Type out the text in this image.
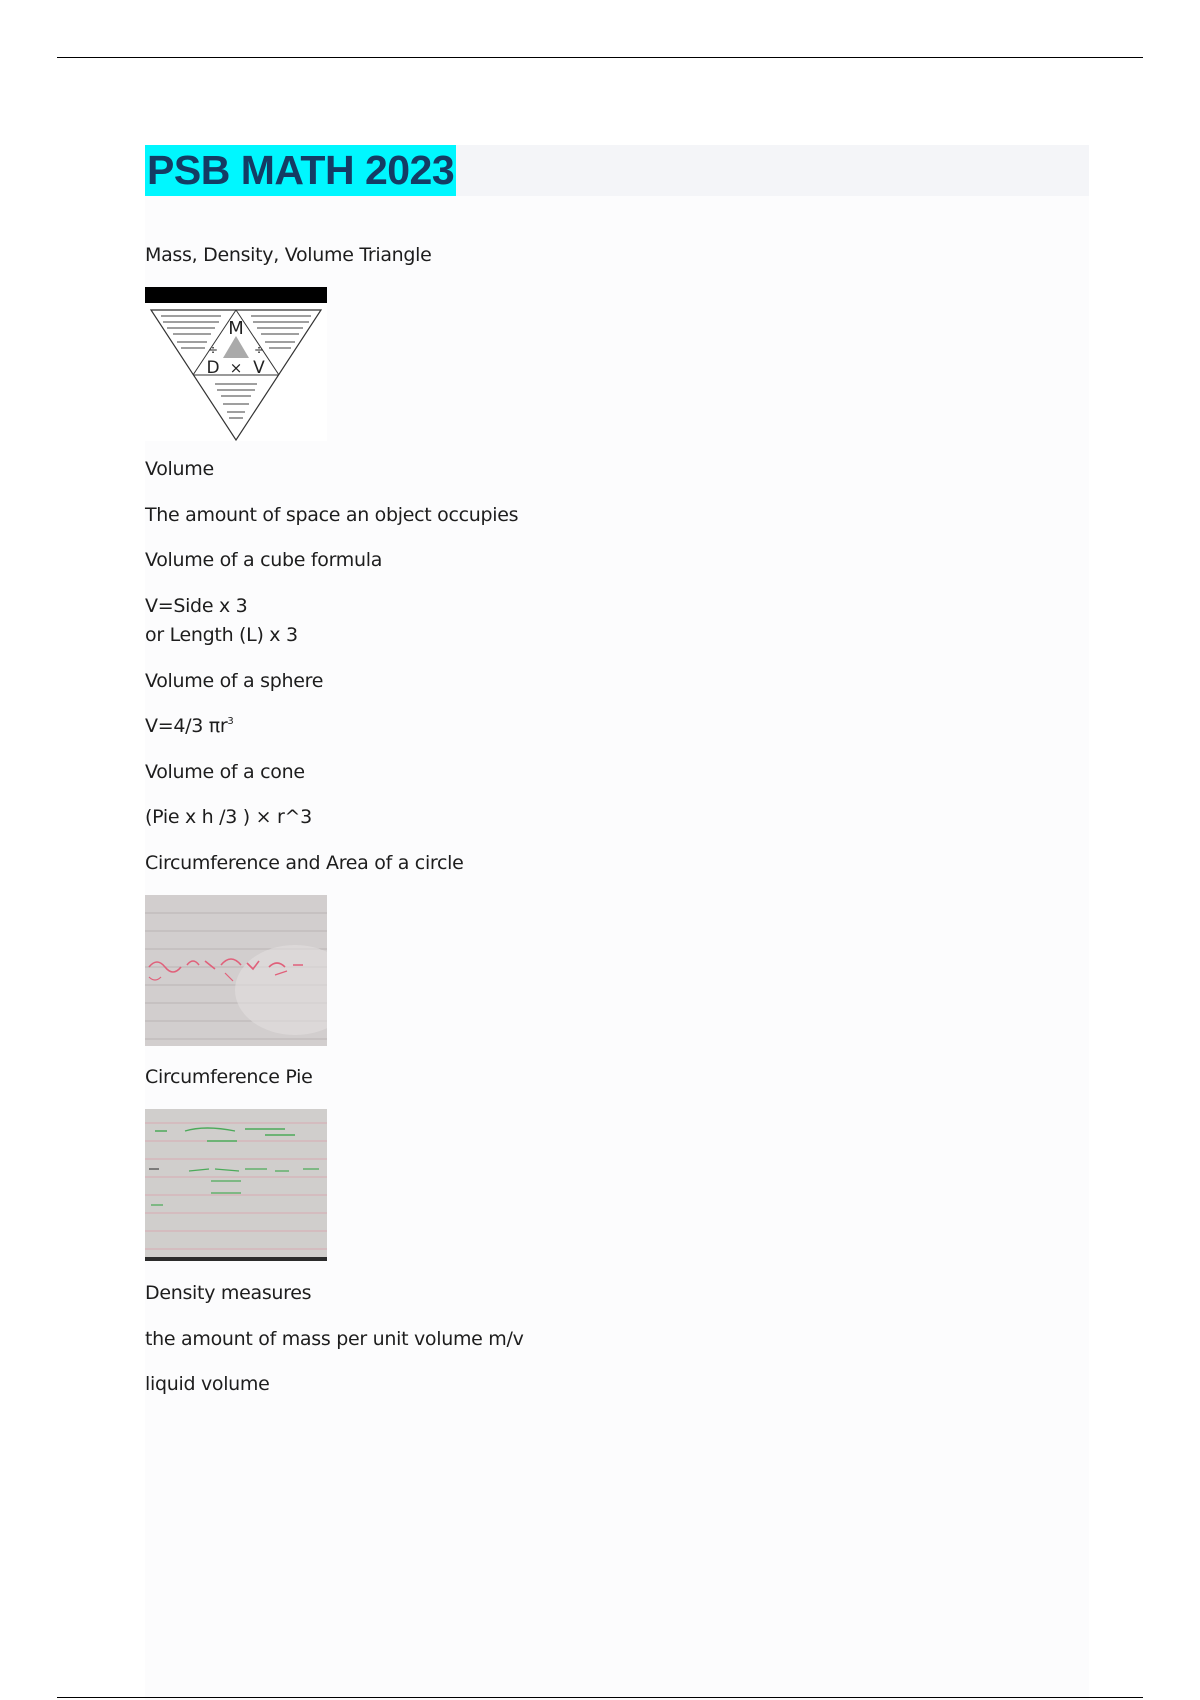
PSB MATH 2023
Mass, Density, Volume Triangle
M
÷	÷
D × V
Volume
The amount of space an object occupies
Volume of a cube formula
V=Side x 3
or Length (L) x 3
Volume of a sphere
V=4/3 $\pi r^3$
Volume of a cone
(Pie x h /3 ) × r^3
Circumference and Area of a circle
Circumference Pie
Density measures
the amount of mass per unit volume m/v
liquid volume
